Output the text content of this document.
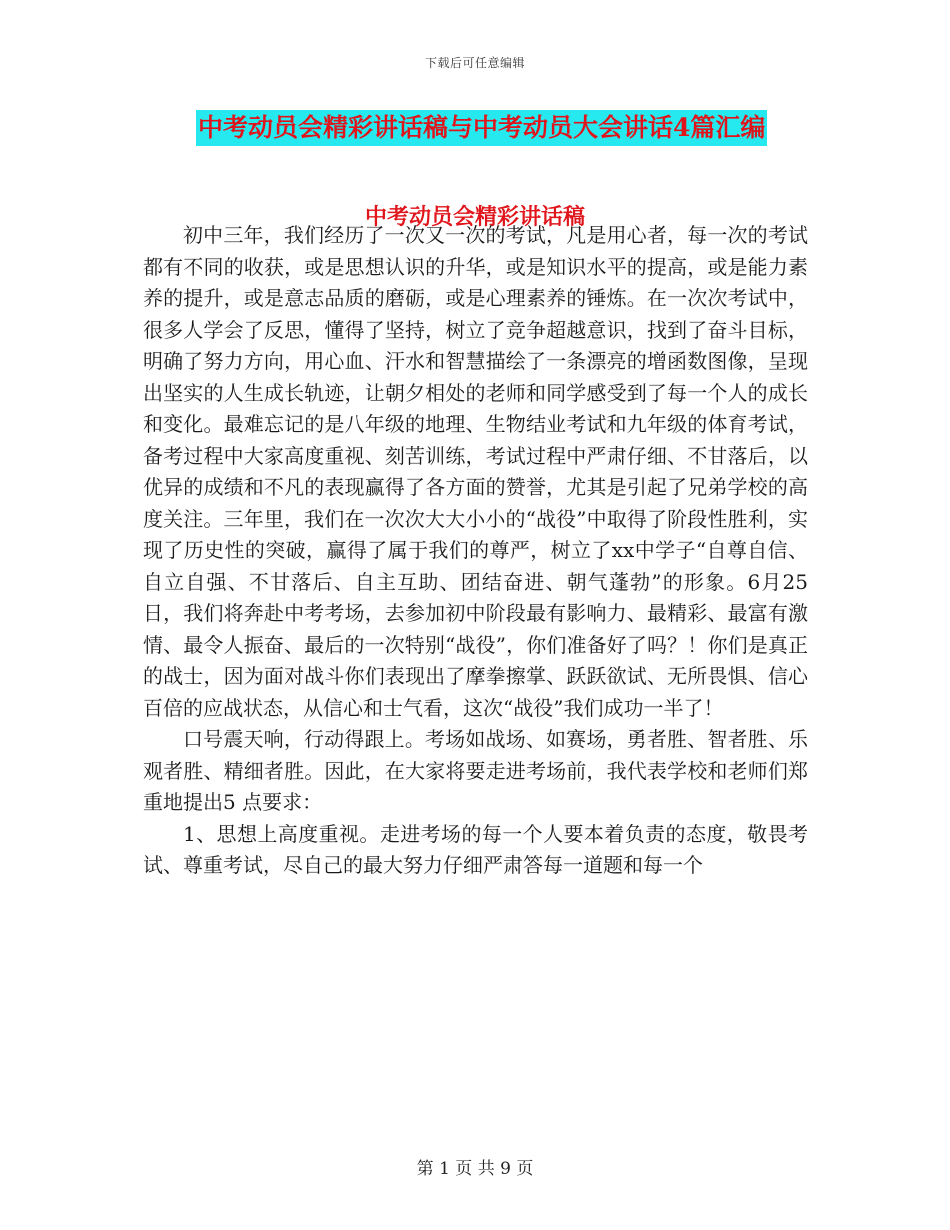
下载后可任意编辑
中考动员会精彩讲话稿与中考动员大会讲话4篇汇编
中考动员会精彩讲话稿

初中三年，我们经历了一次又一次的考试，凡是用心者，每一次的考试都有不同的收获，或是思想认识的升华，或是知识水平的提高，或是能力素养的提升，或是意志品质的磨砺，或是心理素养的锤炼。在一次次考试中，很多人学会了反思，懂得了坚持，树立了竞争超越意识，找到了奋斗目标，明确了努力方向，用心血、汗水和智慧描绘了一条漂亮的增函数图像，呈现出坚实的人生成长轨迹，让朝夕相处的老师和同学感受到了每一个人的成长和变化。最难忘记的是八年级的地理、生物结业考试和九年级的体育考试，备考过程中大家高度重视、刻苦训练，考试过程中严肃仔细、不甘落后，以优异的成绩和不凡的表现赢得了各方面的赞誉，尤其是引起了兄弟学校的高度关注。三年里，我们在一次次大大小小的“战役”中取得了阶段性胜利，实现了历史性的突破，赢得了属于我们的尊严，树立了xx中学子“自尊自信、自立自强、不甘落后、自主互助、团结奋进、朝气蓬勃”的形象。6月25日，我们将奔赴中考考场，去参加初中阶段最有影响力、最精彩、最富有激情、最令人振奋、最后的一次特别“战役”，你们准备好了吗？！你们是真正的战士，因为面对战斗你们表现出了摩拳擦掌、跃跃欲试、无所畏惧、信心百倍的应战状态，从信心和士气看，这次“战役”我们成功一半了！

口号震天响，行动得跟上。考场如战场、如赛场，勇者胜、智者胜、乐观者胜、精细者胜。因此，在大家将要走进考场前，我代表学校和老师们郑重地提出5 点要求：

1、思想上高度重视。走进考场的每一个人要本着负责的态度，敬畏考试、尊重考试，尽自己的最大努力仔细严肃答每一道题和每一个

第 1 页 共 9 页
